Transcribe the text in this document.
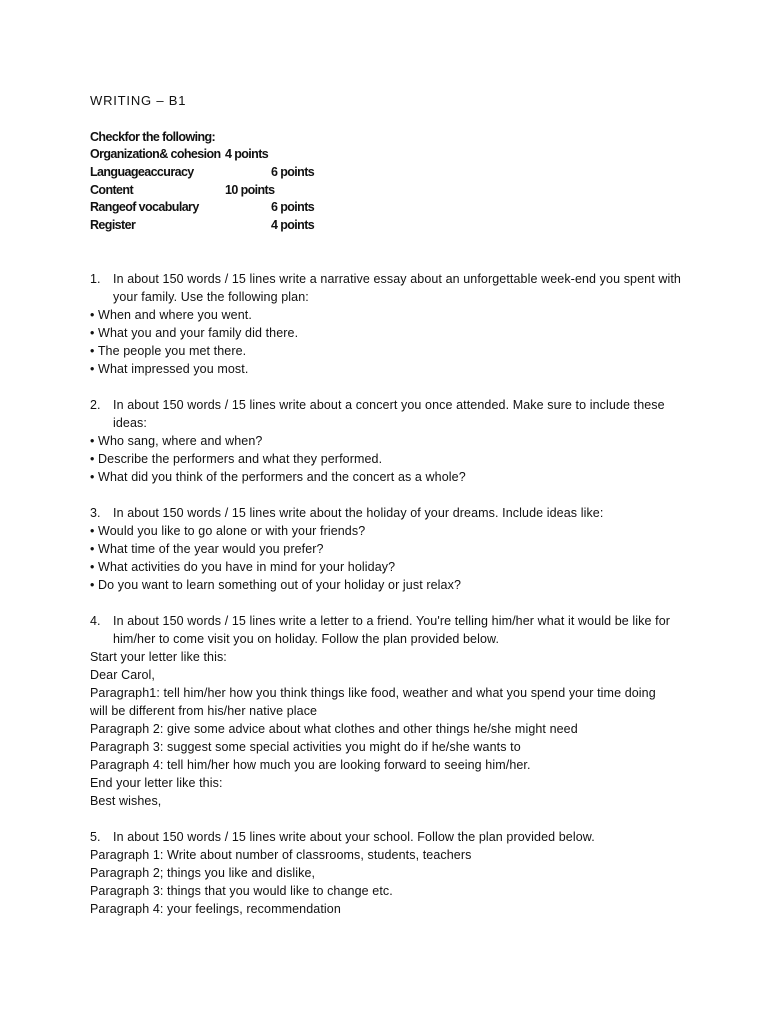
WRITING – B1
Checkfor the following:
Organization& cohesion 4 points
Languageaccuracy	6 points
Content	10 points
Rangeof vocabulary	6 points
Register	4 points
1. In about 150 words / 15 lines write a narrative essay about an unforgettable week-end you spent with your family. Use the following plan:
• When and where you went.
• What you and your family did there.
• The people you met there.
• What impressed you most.
2. In about 150 words / 15 lines write about a concert you once attended. Make sure to include these ideas:
• Who sang, where and when?
• Describe the performers and what they performed.
• What did you think of the performers and the concert as a whole?
3. In about 150 words / 15 lines write about the holiday of your dreams. Include ideas like:
• Would you like to go alone or with your friends?
• What time of the year would you prefer?
• What activities do you have in mind for your holiday?
• Do you want to learn something out of your holiday or just relax?
4. In about 150 words / 15 lines write a letter to a friend. You're telling him/her what it would be like for him/her to come visit you on holiday. Follow the plan provided below.
Start your letter like this:
Dear Carol,
Paragraph1: tell him/her how you think things like food, weather and what you spend your time doing
will be different from his/her native place
Paragraph 2: give some advice about what clothes and other things he/she might need
Paragraph 3: suggest some special activities you might do if he/she wants to
Paragraph 4: tell him/her how much you are looking forward to seeing him/her.
End your letter like this:
Best wishes,
5. In about 150 words / 15 lines write about your school. Follow the plan provided below.
Paragraph 1: Write about number of classrooms, students, teachers
Paragraph 2; things you like and dislike,
Paragraph 3: things that you would like to change etc.
Paragraph 4: your feelings, recommendation
